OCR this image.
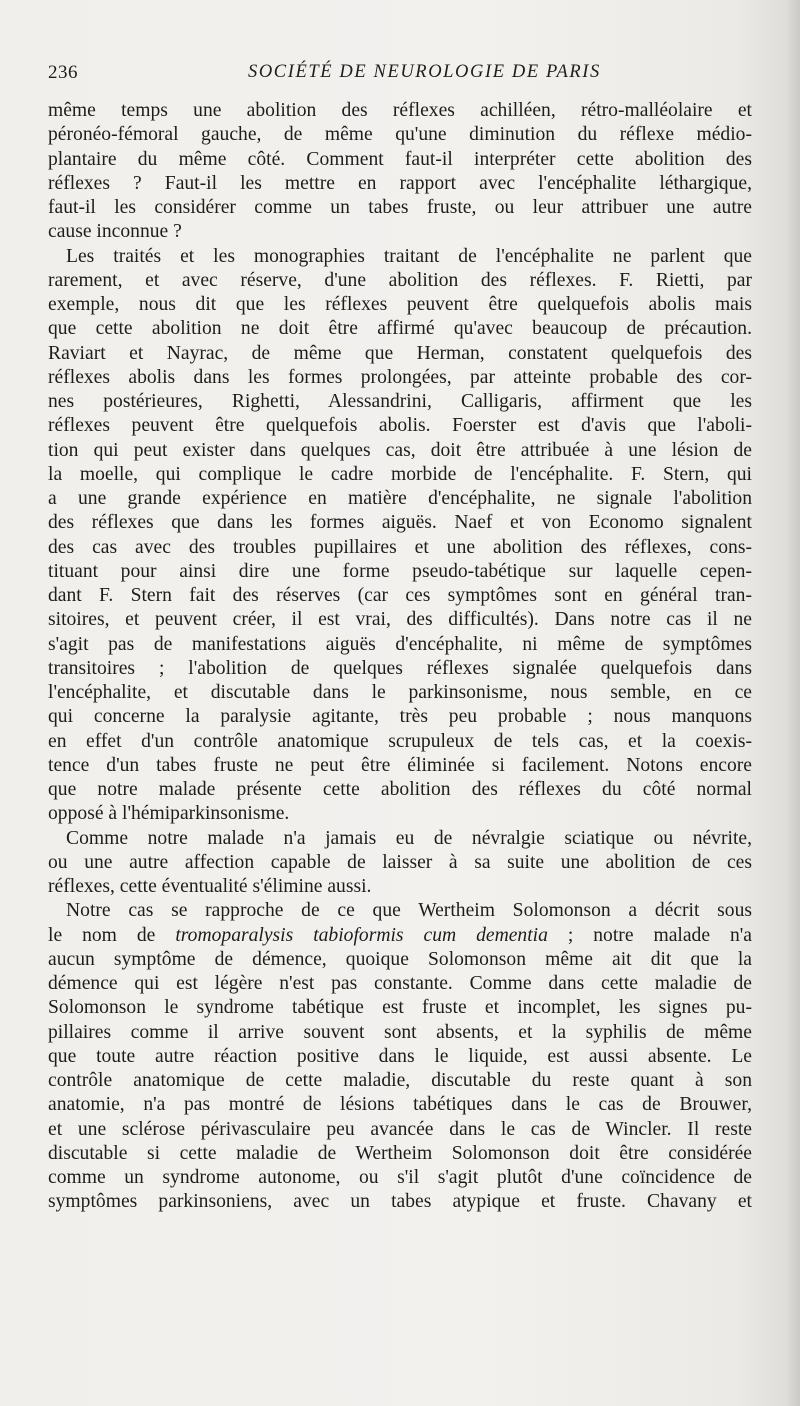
236	SOCIÉTÉ DE NEUROLOGIE DE PARIS
même temps une abolition des réflexes achilléen, rétro-malléolaire et
péronéo-fémoral gauche, de même qu'une diminution du réflexe médio-
plantaire du même côté. Comment faut-il interpréter cette abolition des
réflexes ? Faut-il les mettre en rapport avec l'encéphalite léthargique,
faut-il les considérer comme un tabes fruste, ou leur attribuer une autre
cause inconnue ?
Les traités et les monographies traitant de l'encéphalite ne parlent que
rarement, et avec réserve, d'une abolition des réflexes. F. Rietti, par
exemple, nous dit que les réflexes peuvent être quelquefois abolis mais
que cette abolition ne doit être affirmé qu'avec beaucoup de précaution.
Raviart et Nayrac, de même que Herman, constatent quelquefois des
réflexes abolis dans les formes prolongées, par atteinte probable des cor-
nes postérieures, Righetti, Alessandrini, Calligaris, affirment que les
réflexes peuvent être quelquefois abolis. Foerster est d'avis que l'aboli-
tion qui peut exister dans quelques cas, doit être attribuée à une lésion de
la moelle, qui complique le cadre morbide de l'encéphalite. F. Stern, qui
a une grande expérience en matière d'encéphalite, ne signale l'abolition
des réflexes que dans les formes aiguës. Naef et von Economo signalent
des cas avec des troubles pupillaires et une abolition des réflexes, cons-
tituant pour ainsi dire une forme pseudo-tabétique sur laquelle cepen-
dant F. Stern fait des réserves (car ces symptômes sont en général tran-
sitoires, et peuvent créer, il est vrai, des difficultés). Dans notre cas il ne
s'agit pas de manifestations aiguës d'encéphalite, ni même de symptômes
transitoires ; l'abolition de quelques réflexes signalée quelquefois dans
l'encéphalite, et discutable dans le parkinsonisme, nous semble, en ce
qui concerne la paralysie agitante, très peu probable ; nous manquons
en effet d'un contrôle anatomique scrupuleux de tels cas, et la coexis-
tence d'un tabes fruste ne peut être éliminée si facilement. Notons encore
que notre malade présente cette abolition des réflexes du côté normal
opposé à l'hémiparkinsonisme.
Comme notre malade n'a jamais eu de névralgie sciatique ou névrite,
ou une autre affection capable de laisser à sa suite une abolition de ces
réflexes, cette éventualité s'élimine aussi.
Notre cas se rapproche de ce que Wertheim Solomonson a décrit sous
le nom de tromoparalysis tabioformis cum dementia ; notre malade n'a
aucun symptôme de démence, quoique Solomonson même ait dit que la
démence qui est légère n'est pas constante. Comme dans cette maladie de
Solomonson le syndrome tabétique est fruste et incomplet, les signes pu-
pillaires comme il arrive souvent sont absents, et la syphilis de même
que toute autre réaction positive dans le liquide, est aussi absente. Le
contrôle anatomique de cette maladie, discutable du reste quant à son
anatomie, n'a pas montré de lésions tabétiques dans le cas de Brouwer,
et une sclérose périvasculaire peu avancée dans le cas de Wincler. Il reste
discutable si cette maladie de Wertheim Solomonson doit être considérée
comme un syndrome autonome, ou s'il s'agit plutôt d'une coïncidence de
symptômes parkinsoniens, avec un tabes atypique et fruste. Chavany et
